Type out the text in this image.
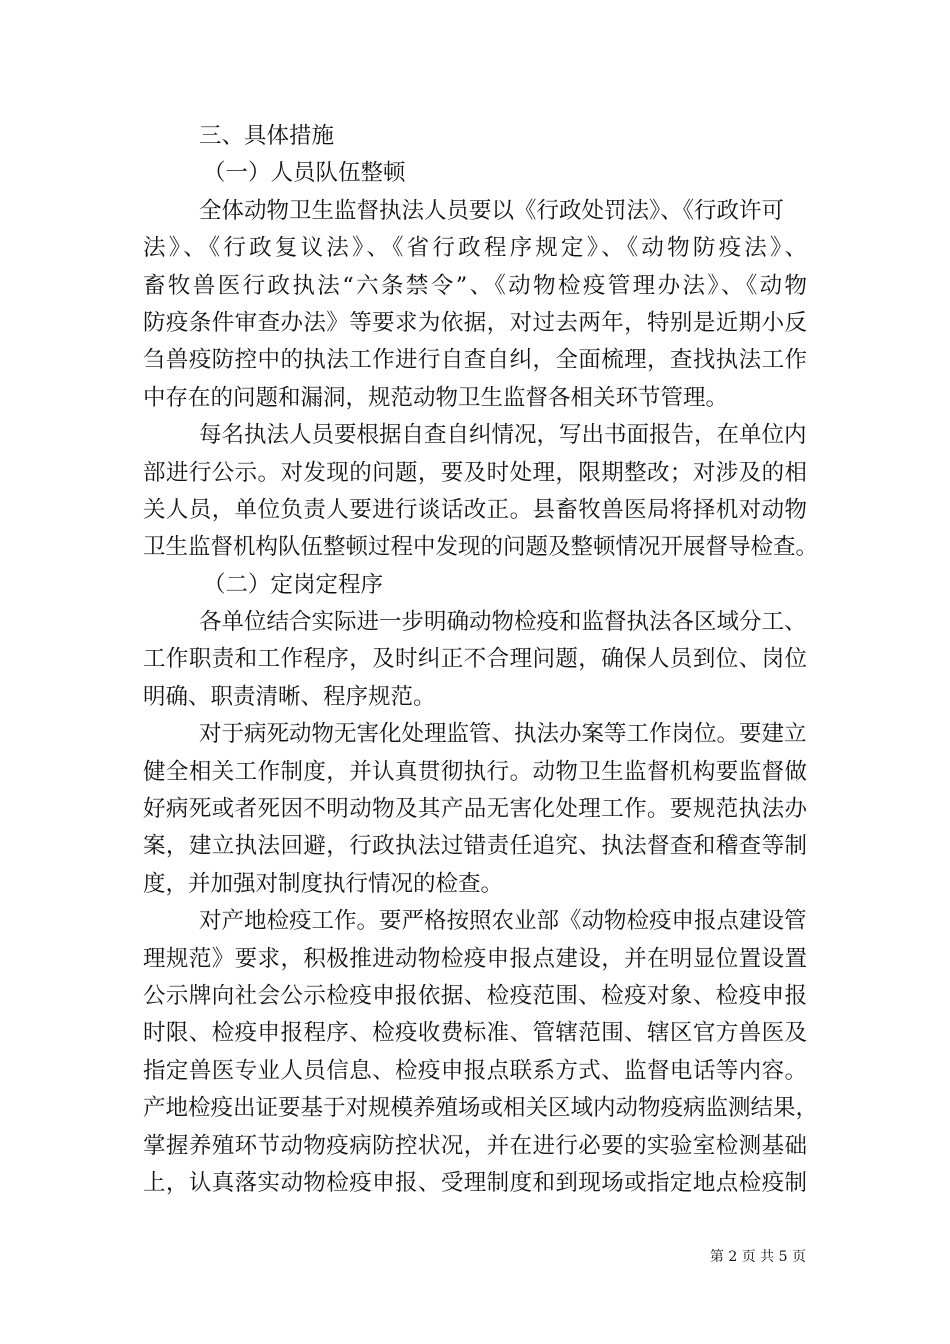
三、具体措施
（一）人员队伍整顿
全体动物卫生监督执法人员要以《行政处罚法》、《行政许可
法》、《行政复议法》、《省行政程序规定》、《动物防疫法》、
畜牧兽医行政执法“六条禁令”、《动物检疫管理办法》、《动物
防疫条件审查办法》等要求为依据，对过去两年，特别是近期小反
刍兽疫防控中的执法工作进行自查自纠，全面梳理，查找执法工作
中存在的问题和漏洞，规范动物卫生监督各相关环节管理。
每名执法人员要根据自查自纠情况，写出书面报告，在单位内
部进行公示。对发现的问题，要及时处理，限期整改；对涉及的相
关人员，单位负责人要进行谈话改正。县畜牧兽医局将择机对动物
卫生监督机构队伍整顿过程中发现的问题及整顿情况开展督导检查。
（二）定岗定程序
各单位结合实际进一步明确动物检疫和监督执法各区域分工、
工作职责和工作程序，及时纠正不合理问题，确保人员到位、岗位
明确、职责清晰、程序规范。
对于病死动物无害化处理监管、执法办案等工作岗位。要建立
健全相关工作制度，并认真贯彻执行。动物卫生监督机构要监督做
好病死或者死因不明动物及其产品无害化处理工作。要规范执法办
案，建立执法回避，行政执法过错责任追究、执法督查和稽查等制
度，并加强对制度执行情况的检查。
对产地检疫工作。要严格按照农业部《动物检疫申报点建设管
理规范》要求，积极推进动物检疫申报点建设，并在明显位置设置
公示牌向社会公示检疫申报依据、检疫范围、检疫对象、检疫申报
时限、检疫申报程序、检疫收费标准、管辖范围、辖区官方兽医及
指定兽医专业人员信息、检疫申报点联系方式、监督电话等内容。
产地检疫出证要基于对规模养殖场或相关区域内动物疫病监测结果，
掌握养殖环节动物疫病防控状况，并在进行必要的实验室检测基础
上，认真落实动物检疫申报、受理制度和到现场或指定地点检疫制
第 2 页 共 5 页
